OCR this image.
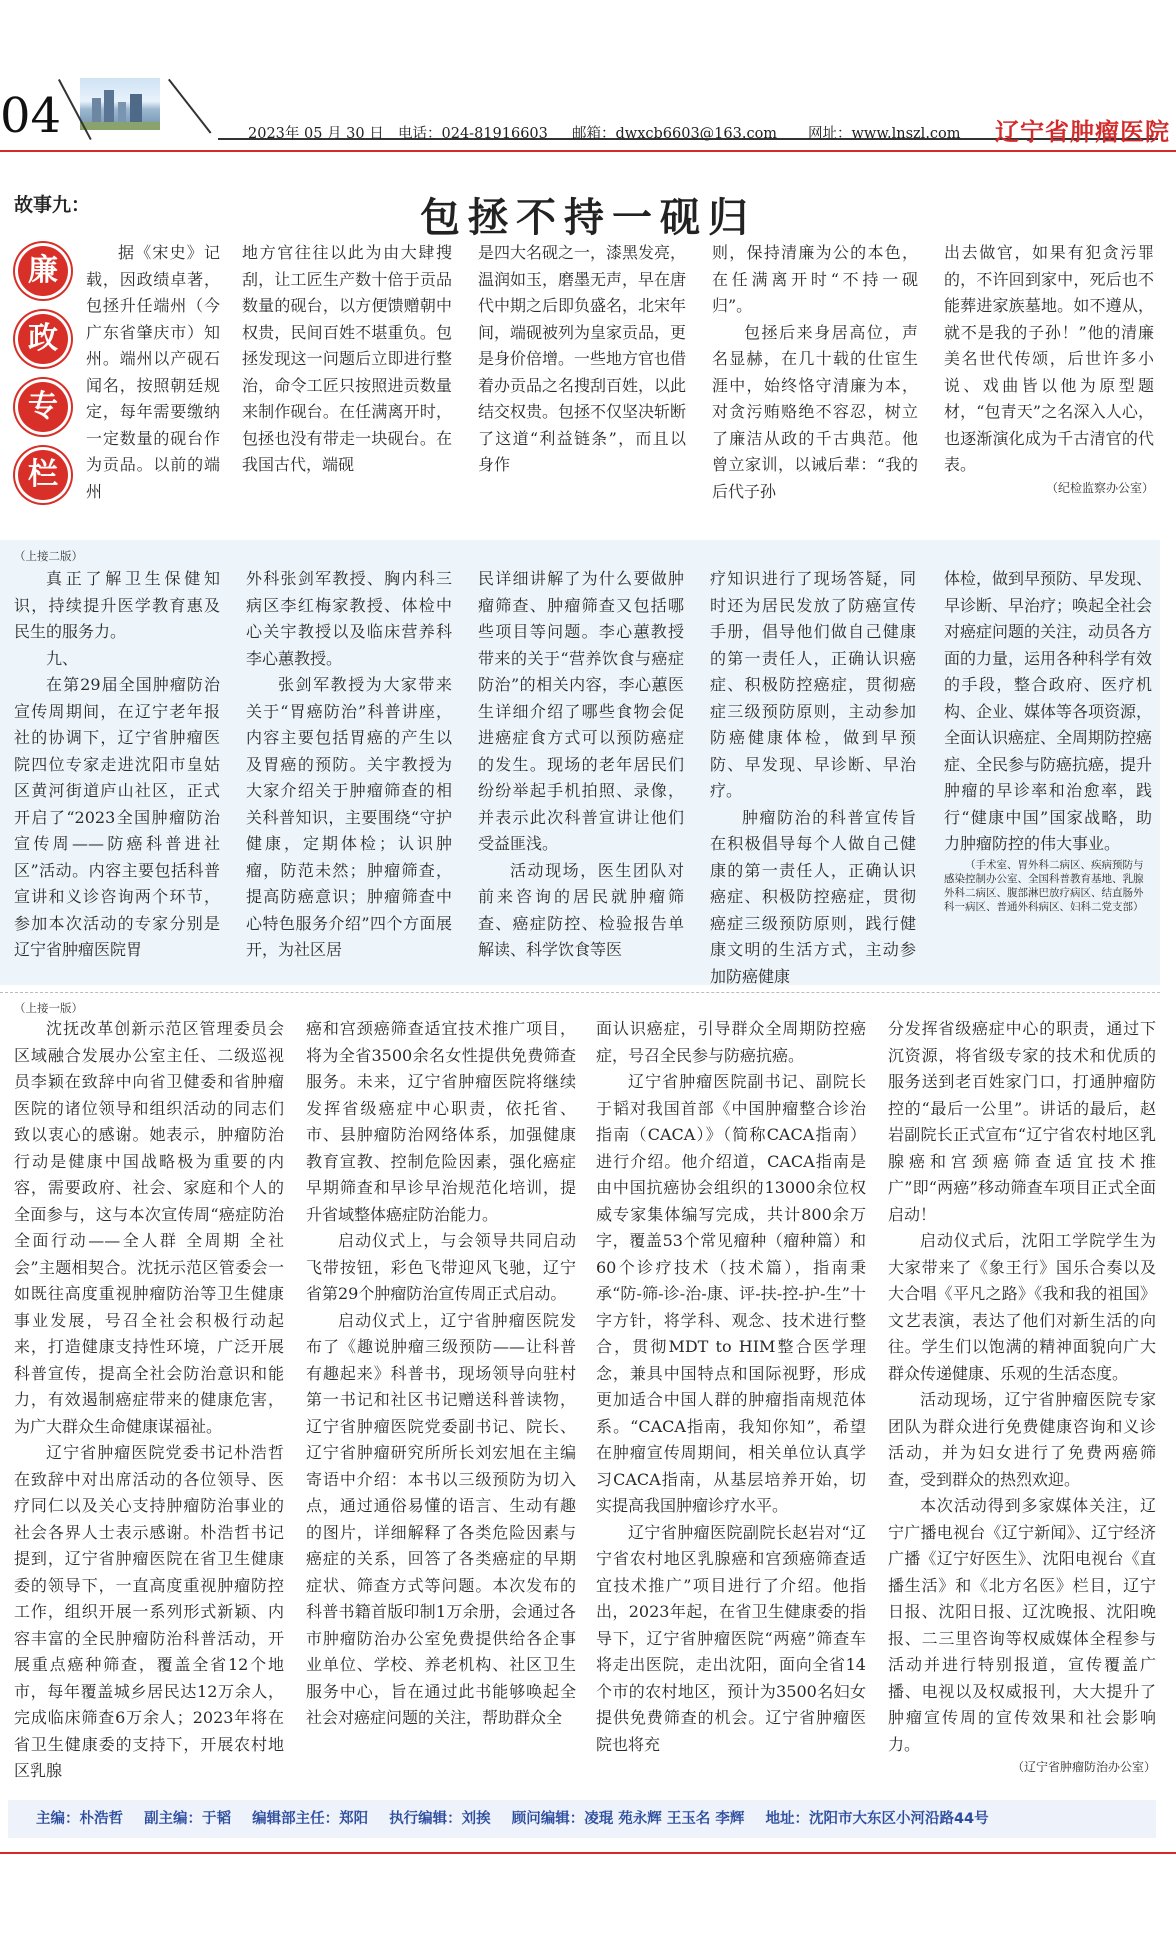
04	2023年 05 月 30 日 电话：024-81916603 邮箱：dwxcb6603@163.com 网址：www.lnszl.com 辽宁省肿瘤医院
故事九：	包拯不持一砚归
廉
政
专
栏

据《宋史》记载，因政绩卓著，包拯升任端州（今广东省肇庆市）知州。端州以产砚石闻名，按照朝廷规定，每年需要缴纳一定数量的砚台作为贡品。以前的端州

地方官往往以此为由大肆搜刮，让工匠生产数十倍于贡品数量的砚台，以方便馈赠朝中权贵，民间百姓不堪重负。包拯发现这一问题后立即进行整治，命令工匠只按照进贡数量来制作砚台。在任满离开时，包拯也没有带走一块砚台。在我国古代，端砚

是四大名砚之一，漆黑发亮，温润如玉，磨墨无声，早在唐代中期之后即负盛名，北宋年间，端砚被列为皇家贡品，更是身价倍增。一些地方官也借着办贡品之名搜刮百姓，以此结交权贵。包拯不仅坚决斩断了这道“利益链条”，而且以身作

则，保持清廉为公的本色，在任满离开时“不持一砚归”。

包拯后来身居高位，声名显赫，在几十载的仕宦生涯中，始终恪守清廉为本，对贪污贿赂绝不容忍，树立了廉洁从政的千古典范。他曾立家训，以诫后辈：“我的后代子孙

出去做官，如果有犯贪污罪的，不许回到家中，死后也不能葬进家族墓地。如不遵从，就不是我的子孙！”他的清廉美名世代传颂，后世许多小说、戏曲皆以他为原型题材，“包青天”之名深入人心，也逐渐演化成为千古清官的代表。

（纪检监察办公室）

（上接二版）

真正了解卫生保健知识，持续提升医学教育惠及民生的服务力。

九、

在第29届全国肿瘤防治宣传周期间，在辽宁老年报社的协调下，辽宁省肿瘤医院四位专家走进沈阳市皇姑区黄河街道庐山社区，正式开启了“2023全国肿瘤防治宣传周——防癌科普进社区”活动。内容主要包括科普宣讲和义诊咨询两个环节，参加本次活动的专家分别是辽宁省肿瘤医院胃

外科张剑军教授、胸内科三病区李红梅家教授、体检中心关宇教授以及临床营养科李心蕙教授。

张剑军教授为大家带来关于“胃癌防治”科普讲座，内容主要包括胃癌的产生以及胃癌的预防。关宇教授为大家介绍关于肿瘤筛查的相关科普知识，主要围绕“守护健康，定期体检；认识肿瘤，防范未然；肿瘤筛查，提高防癌意识；肿瘤筛查中心特色服务介绍”四个方面展开，为社区居

民详细讲解了为什么要做肿瘤筛查、肿瘤筛查又包括哪些项目等问题。李心蕙教授带来的关于“营养饮食与癌症防治”的相关内容，李心蕙医生详细介绍了哪些食物会促进癌症食方式可以预防癌症的发生。现场的老年居民们纷纷举起手机拍照、录像，并表示此次科普宣讲让他们受益匪浅。

活动现场，医生团队对前来咨询的居民就肿瘤筛查、癌症防控、检验报告单解读、科学饮食等医

疗知识进行了现场答疑，同时还为居民发放了防癌宣传手册，倡导他们做自己健康的第一责任人，正确认识癌症、积极防控癌症，贯彻癌症三级预防原则，主动参加防癌健康体检，做到早预防、早发现、早诊断、早治疗。

肿瘤防治的科普宣传旨在积极倡导每个人做自己健康的第一责任人，正确认识癌症、积极防控癌症，贯彻癌症三级预防原则，践行健康文明的生活方式，主动参加防癌健康

体检，做到早预防、早发现、早诊断、早治疗；唤起全社会对癌症问题的关注，动员各方面的力量，运用各种科学有效的手段，整合政府、医疗机构、企业、媒体等各项资源，全面认识癌症、全周期防控癌症、全民参与防癌抗癌，提升肿瘤的早诊率和治愈率，践行“健康中国”国家战略，助力肿瘤防控的伟大事业。

（手术室、胃外科二病区、疾病预防与感染控制办公室、全国科普教育基地、乳腺外科二病区、腹部淋巴放疗病区、结直肠外科一病区、普通外科病区、妇科二党支部）

（上接一版）

沈抚改革创新示范区管理委员会区域融合发展办公室主任、二级巡视员李颖在致辞中向省卫健委和省肿瘤医院的诸位领导和组织活动的同志们致以衷心的感谢。她表示，肿瘤防治行动是健康中国战略极为重要的内容，需要政府、社会、家庭和个人的全面参与，这与本次宣传周“癌症防治 全面行动——全人群 全周期 全社会”主题相契合。沈抚示范区管委会一如既往高度重视肿瘤防治等卫生健康事业发展，号召全社会积极行动起来，打造健康支持性环境，广泛开展科普宣传，提高全社会防治意识和能力，有效遏制癌症带来的健康危害，为广大群众生命健康谋福祉。

辽宁省肿瘤医院党委书记朴浩哲在致辞中对出席活动的各位领导、医疗同仁以及关心支持肿瘤防治事业的社会各界人士表示感谢。朴浩哲书记提到，辽宁省肿瘤医院在省卫生健康委的领导下，一直高度重视肿瘤防控工作，组织开展一系列形式新颖、内容丰富的全民肿瘤防治科普活动，开展重点癌种筛查，覆盖全省12个地市，每年覆盖城乡居民达12万余人，完成临床筛查6万余人；2023年将在省卫生健康委的支持下，开展农村地区乳腺

癌和宫颈癌筛查适宜技术推广项目，将为全省3500余名女性提供免费筛查服务。未来，辽宁省肿瘤医院将继续发挥省级癌症中心职责，依托省、市、县肿瘤防治网络体系，加强健康教育宣教、控制危险因素，强化癌症早期筛查和早诊早治规范化培训，提升省域整体癌症防治能力。

启动仪式上，与会领导共同启动飞带按钮，彩色飞带迎风飞驰，辽宁省第29个肿瘤防治宣传周正式启动。

启动仪式上，辽宁省肿瘤医院发布了《趣说肿瘤三级预防——让科普有趣起来》科普书，现场领导向驻村第一书记和社区书记赠送科普读物，辽宁省肿瘤医院党委副书记、院长、辽宁省肿瘤研究所所长刘宏旭在主编寄语中介绍：本书以三级预防为切入点，通过通俗易懂的语言、生动有趣的图片，详细解释了各类危险因素与癌症的关系，回答了各类癌症的早期症状、筛查方式等问题。本次发布的科普书籍首版印制1万余册，会通过各市肿瘤防治办公室免费提供给各企事业单位、学校、养老机构、社区卫生服务中心，旨在通过此书能够唤起全社会对癌症问题的关注，帮助群众全

面认识癌症，引导群众全周期防控癌症，号召全民参与防癌抗癌。

辽宁省肿瘤医院副书记、副院长于韬对我国首部《中国肿瘤整合诊治指南（CACA）》（简称CACA指南）进行介绍。他介绍道，CACA指南是由中国抗癌协会组织的13000余位权威专家集体编写完成，共计800余万字，覆盖53个常见瘤种（瘤种篇）和60个诊疗技术（技术篇），指南秉承“防-筛-诊-治-康、评-扶-控-护-生”十字方针，将学科、观念、技术进行整合，贯彻MDT to HIM整合医学理念，兼具中国特点和国际视野，形成更加适合中国人群的肿瘤指南规范体系。“CACA指南，我知你知”，希望在肿瘤宣传周期间，相关单位认真学习CACA指南，从基层培养开始，切实提高我国肿瘤诊疗水平。

辽宁省肿瘤医院副院长赵岩对“辽宁省农村地区乳腺癌和宫颈癌筛查适宜技术推广”项目进行了介绍。他指出，2023年起，在省卫生健康委的指导下，辽宁省肿瘤医院“两癌”筛查车将走出医院，走出沈阳，面向全省14个市的农村地区，预计为3500名妇女提供免费筛查的机会。辽宁省肿瘤医院也将充

分发挥省级癌症中心的职责，通过下沉资源，将省级专家的技术和优质的服务送到老百姓家门口，打通肿瘤防控的“最后一公里”。讲话的最后，赵岩副院长正式宣布“辽宁省农村地区乳腺癌和宫颈癌筛查适宜技术推广”即“两癌”移动筛查车项目正式全面启动！

启动仪式后，沈阳工学院学生为大家带来了《象王行》国乐合奏以及大合唱《平凡之路》《我和我的祖国》文艺表演，表达了他们对新生活的向往。学生们以饱满的精神面貌向广大群众传递健康、乐观的生活态度。

活动现场，辽宁省肿瘤医院专家团队为群众进行免费健康咨询和义诊活动，并为妇女进行了免费两癌筛查，受到群众的热烈欢迎。

本次活动得到多家媒体关注，辽宁广播电视台《辽宁新闻》、辽宁经济广播《辽宁好医生》、沈阳电视台《直播生活》和《北方名医》栏目，辽宁日报、沈阳日报、辽沈晚报、沈阳晚报、二三里咨询等权威媒体全程参与活动并进行特别报道，宣传覆盖广播、电视以及权威报刊，大大提升了肿瘤宣传周的宣传效果和社会影响力。

（辽宁省肿瘤防治办公室）

主编：朴浩哲 副主编：于韬 编辑部主任：郑阳 执行编辑：刘挨 顾问编辑：凌琨 苑永辉 王玉名 李辉 地址：沈阳市大东区小河沿路44号
